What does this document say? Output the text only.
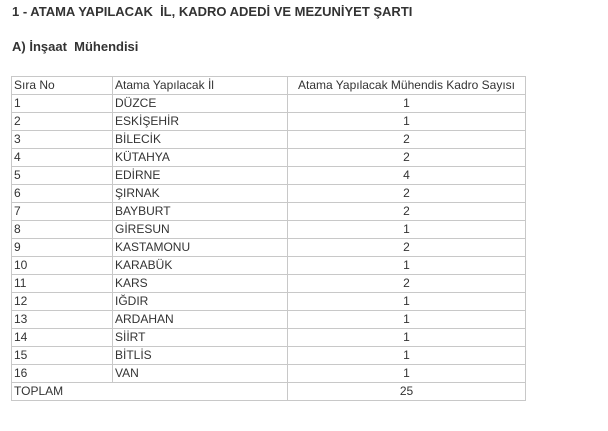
1 - ATAMA YAPILACAK  İL, KADRO ADEDİ VE MEZUNİYET ŞARTI
A) İnşaat  Mühendisi
Sıra No	Atama Yapılacak İl	Atama Yapılacak Mühendis Kadro Sayısı
1	DÜZCE	1
2	ESKİŞEHİR	1
3	BİLECİK	2
4	KÜTAHYA	2
5	EDİRNE	4
6	ŞIRNAK	2
7	BAYBURT	2
8	GİRESUN	1
9	KASTAMONU	2
10	KARABÜK	1
11	KARS	2
12	IĞDIR	1
13	ARDAHAN	1
14	SİİRT	1
15	BİTLİS	1
16	VAN	1
TOPLAM		25
